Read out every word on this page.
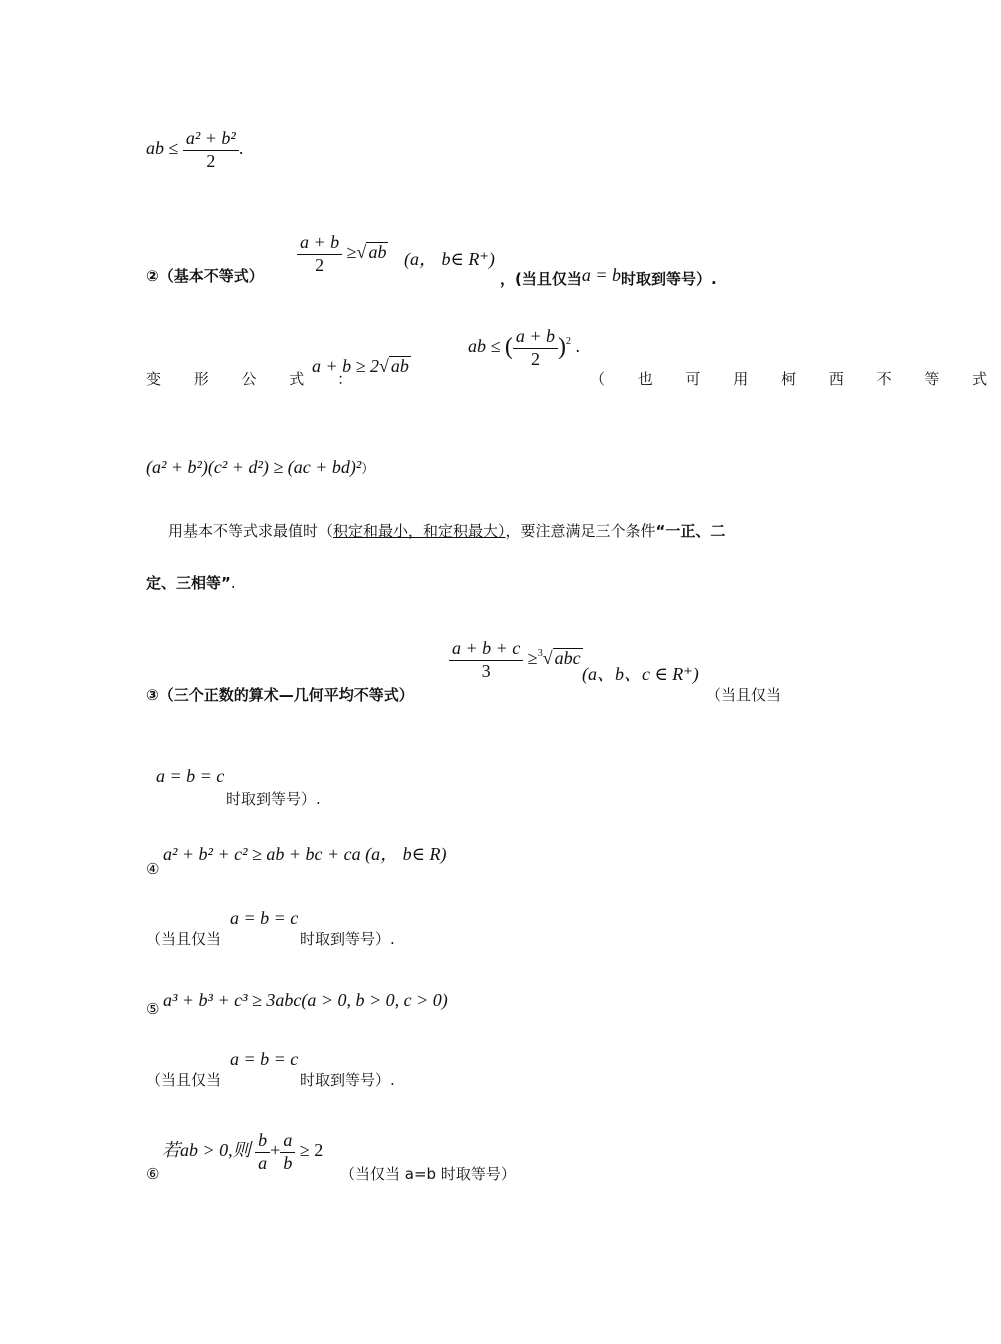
ab ≤ $\frac{\text{a² + b²}}{2}$ .
②（基本不等式） $\frac{a + b}{2}$ ≥√ ab (a， b∈ R⁺)
，(当且仅当a = b时取到等号）.
变 形 公 式 ：
a + b ≥ 2√ ab
ab ≤ ( $\frac{a + b}{2} )^2$ .
（ 也 可 用 柯 西 不 等 式
(a² + b²)(c² + d²) ≥ (ac + bd)²）
用基本不等式求最值时（积定和最小，和定积最大），要注意满足三个条件“一正、二
定、三相等”.
$\frac{a + b + c}{3} \ge^3√$ abc
(a、b、c ∈ R⁺)
③（三个正数的算术—几何平均不等式）	（当且仅当
a = b = c
时取到等号）.
a² + b² + c² ≥ ab + bc + ca (a， b∈ R)
④
a = b = c
（当且仅当	时取到等号）.
a³ + b³ + c³ ≥ 3abc(a > 0, b > 0, c > 0)
⑤
a = b = c
（当且仅当	时取到等号）.
若ab > 0,则 $\frac{b}{a} + \frac{a}{b} \ge 2$
⑥	（当仅当 a=b 时取等号）
